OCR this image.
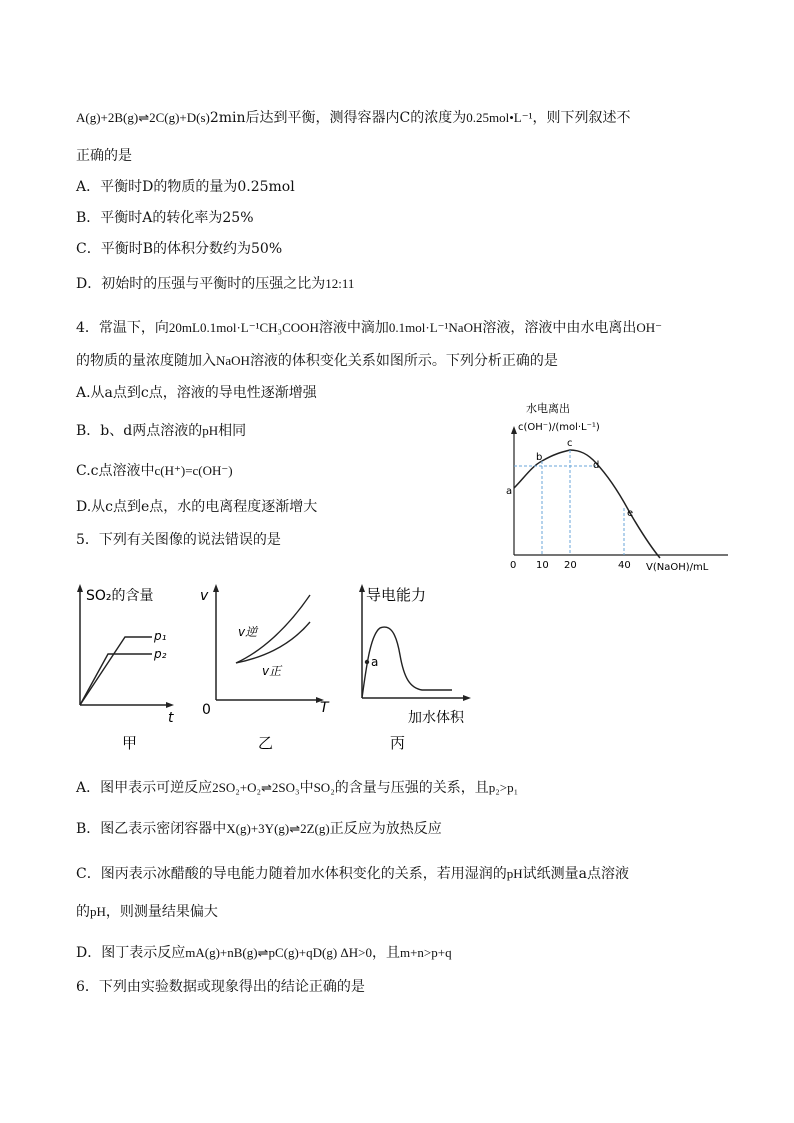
A(g)+2B(g)⇌2C(g)+D(s)2min后达到平衡，测得容器内C的浓度为0.25mol•L⁻¹，则下列叙述不
正确的是
A．平衡时D的物质的量为0.25mol
B．平衡时A的转化率为25%
C．平衡时B的体积分数约为50%
D．初始时的压强与平衡时的压强之比为12:11
4．常温下，向20mL0.1mol·L⁻¹CH₃COOH溶液中滴加0.1mol·L⁻¹NaOH溶液，溶液中由水电离出OH⁻
的物质的量浓度随加入NaOH溶液的体积变化关系如图所示。下列分析正确的是
A.从a点到c点，溶液的导电性逐渐增强
B．b、d两点溶液的pH相同
C.c点溶液中c(H⁺)=c(OH⁻)
D.从c点到e点，水的电离程度逐渐增大
水电离出
c(OH⁻)/(mol·L⁻¹)
a
b
c
d
e
0 10 20	40 V(NaOH)/mL
5．下列有关图像的说法错误的是
SO₂的含量
p₁
p₂
t
甲
v
v逆
v正
0	T
乙
导电能力
a
加水体积
丙
A．图甲表示可逆反应2SO₂+O₂⇌2SO₃中SO₂的含量与压强的关系，且p₂>p₁
B．图乙表示密闭容器中X(g)+3Y(g)⇌2Z(g)正反应为放热反应
C．图丙表示冰醋酸的导电能力随着加水体积变化的关系，若用湿润的pH试纸测量a点溶液
的pH，则测量结果偏大
D．图丁表示反应mA(g)+nB(g)⇌pC(g)+qD(g) ΔH>0，且m+n>p+q
6．下列由实验数据或现象得出的结论正确的是
